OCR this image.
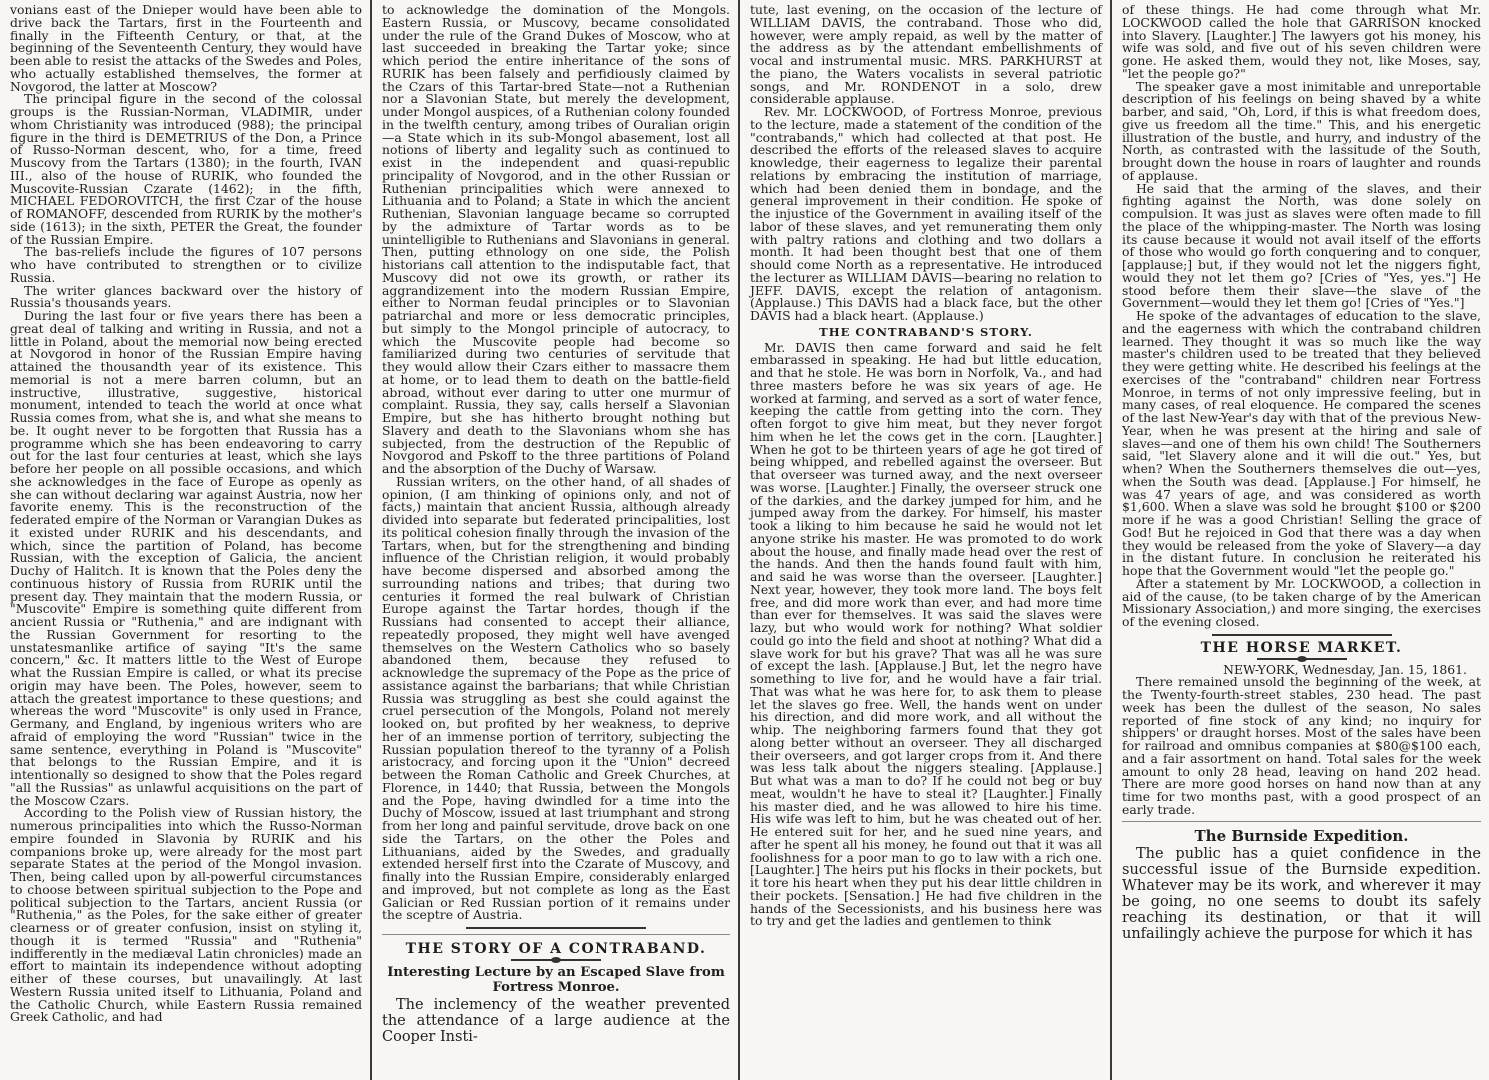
vonians east of the Dnieper would have been able to drive back the Tartars, first in the Fourteenth and finally in the Fifteenth Century, or that, at the beginning of the Seventeenth Century, they would have been able to resist the attacks of the Swedes and Poles, who actually established themselves, the former at Novgorod, the latter at Moscow?

The principal figure in the second of the colossal groups is the Russian-Norman, VLADIMIR, under whom Christianity was introduced (988); the principal figure in the third is DEMETRIUS of the Don, a Prince of Russo-Norman descent, who, for a time, freed Muscovy from the Tartars (1380); in the fourth, IVAN III., also of the house of RURIK, who founded the Muscovite-Russian Czarate (1462); in the fifth, MICHAEL FEDOROVITCH, the first Czar of the house of ROMANOFF, descended from RURIK by the mother's side (1613); in the sixth, PETER the Great, the founder of the Russian Empire.

The bas-reliefs include the figures of 107 persons who have contributed to strengthen or to civilize Russia.

The writer glances backward over the history of Russia's thousands years.

During the last four or five years there has been a great deal of talking and writing in Russia, and not a little in Poland, about the memorial now being erected at Novgorod in honor of the Russian Empire having attained the thousandth year of its existence. This memorial is not a mere barren column, but an instructive, illustrative, suggestive, historical monument, intended to teach the world at once what Russia comes from, what she is, and what she means to be. It ought never to be forgotten that Russia has a programme which she has been endeavoring to carry out for the last four centuries at least, which she lays before her people on all possible occasions, and which she acknowledges in the face of Europe as openly as she can without declaring war against Austria, now her favorite enemy. This is the reconstruction of the federated empire of the Norman or Varangian Dukes as it existed under RURIK and his descendants, and which, since the partition of Poland, has become Russian, with the exception of Galicia, the ancient Duchy of Halitch. It is known that the Poles deny the continuous history of Russia from RURIK until the present day. They maintain that the modern Russia, or "Muscovite" Empire is something quite different from ancient Russia or "Ruthenia," and are indignant with the Russian Government for resorting to the unstatesmanlike artifice of saying "It's the same concern," &c. It matters little to the West of Europe what the Russian Empire is called, or what its precise origin may have been. The Poles, however, seem to attach the greatest importance to these questions; and whereas the word "Muscovite" is only used in France, Germany, and England, by ingenious writers who are afraid of employing the word "Russian" twice in the same sentence, everything in Poland is "Muscovite" that belongs to the Russian Empire, and it is intentionally so designed to show that the Poles regard "all the Russias" as unlawful acquisitions on the part of the Moscow Czars.

According to the Polish view of Russian history, the numerous principalities into which the Russo-Norman empire founded in Slavonia by RURIK and his companions broke up, were already for the most part separate States at the period of the Mongol invasion. Then, being called upon by all-powerful circumstances to choose between spiritual subjection to the Pope and political subjection to the Tartars, ancient Russia (or "Ruthenia," as the Poles, for the sake either of greater clearness or of greater confusion, insist on styling it, though it is termed "Russia" and "Ruthenia" indifferently in the mediæval Latin chronicles) made an effort to maintain its independence without adopting either of these courses, but unavailingly. At last Western Russia united itself to Lithuania, Poland and the Catholic Church, while Eastern Russia remained Greek Catholic, and had

to acknowledge the domination of the Mongols. Eastern Russia, or Muscovy, became consolidated under the rule of the Grand Dukes of Moscow, who at last succeeded in breaking the Tartar yoke; since which period the entire inheritance of the sons of RURIK has been falsely and perfidiously claimed by the Czars of this Tartar-bred State—not a Ruthenian nor a Slavonian State, but merely the development, under Mongol auspices, of a Ruthenian colony founded in the twelfth century, among tribes of Ouralian origin—a State which in its sub-Mongol abasement, lost all notions of liberty and legality such as continued to exist in the independent and quasi-republic principality of Novgorod, and in the other Russian or Ruthenian principalities which were annexed to Lithuania and to Poland; a State in which the ancient Ruthenian, Slavonian language became so corrupted by the admixture of Tartar words as to be unintelligible to Ruthenians and Slavonians in general. Then, putting ethnology on one side, the Polish historians call attention to the indisputable fact, that Muscovy did not owe its growth, or rather its aggrandizement into the modern Russian Empire, either to Norman feudal principles or to Slavonian patriarchal and more or less democratic principles, but simply to the Mongol principle of autocracy, to which the Muscovite people had become so familiarized during two centuries of servitude that they would allow their Czars either to massacre them at home, or to lead them to death on the battle-field abroad, without ever daring to utter one murmur of complaint. Russia, they say, calls herself a Slavonian Empire, but she has hitherto brought nothing but Slavery and death to the Slavonians whom she has subjected, from the destruction of the Republic of Novgorod and Pskoff to the three partitions of Poland and the absorption of the Duchy of Warsaw.

Russian writers, on the other hand, of all shades of opinion, (I am thinking of opinions only, and not of facts,) maintain that ancient Russia, although already divided into separate but federated principalities, lost its political cohesion finally through the invasion of the Tartars, when, but for the strengthening and binding influence of the Christian religion, it would probably have become dispersed and absorbed among the surrounding nations and tribes; that during two centuries it formed the real bulwark of Christian Europe against the Tartar hordes, though if the Russians had consented to accept their alliance, repeatedly proposed, they might well have avenged themselves on the Western Catholics who so basely abandoned them, because they refused to acknowledge the supremacy of the Pope as the price of assistance against the barbarians; that while Christian Russia was struggling as best she could against the cruel persecution of the Mongols, Poland not merely looked on, but profited by her weakness, to deprive her of an immense portion of territory, subjecting the Russian population thereof to the tyranny of a Polish aristocracy, and forcing upon it the "Union" decreed between the Roman Catholic and Greek Churches, at Florence, in 1440; that Russia, between the Mongols and the Pope, having dwindled for a time into the Duchy of Moscow, issued at last triumphant and strong from her long and painful servitude, drove back on one side the Tartars, on the other the Poles and Lithuanians, aided by the Swedes, and gradually extended herself first into the Czarate of Muscovy, and finally into the Russian Empire, considerably enlarged and improved, but not complete as long as the East Galician or Red Russian portion of it remains under the sceptre of Austria.

THE STORY OF A CONTRABAND.
Interesting Lecture by an Escaped Slave from Fortress Monroe.

The inclemency of the weather prevented the attendance of a large audience at the Cooper Insti-

tute, last evening, on the occasion of the lecture of WILLIAM DAVIS, the contraband. Those who did, however, were amply repaid, as well by the matter of the address as by the attendant embellishments of vocal and instrumental music. MRS. PARKHURST at the piano, the Waters vocalists in several patriotic songs, and Mr. RONDENOT in a solo, drew considerable applause.

Rev. Mr. LOCKWOOD, of Fortress Monroe, previous to the lecture, made a statement of the condition of the "contrabands," which had collected at that post. He described the efforts of the released slaves to acquire knowledge, their eagerness to legalize their parental relations by embracing the institution of marriage, which had been denied them in bondage, and the general improvement in their condition. He spoke of the injustice of the Government in availing itself of the labor of these slaves, and yet remunerating them only with paltry rations and clothing and two dollars a month. It had been thought best that one of them should come North as a representative. He introduced the lecturer as WILLIAM DAVIS—bearing no relation to JEFF. DAVIS, except the relation of antagonism. (Applause.) This DAVIS had a black face, but the other DAVIS had a black heart. (Applause.)

THE CONTRABAND'S STORY.

Mr. DAVIS then came forward and said he felt embarassed in speaking. He had but little education, and that he stole. He was born in Norfolk, Va., and had three masters before he was six years of age. He worked at farming, and served as a sort of water fence, keeping the cattle from getting into the corn. They often forgot to give him meat, but they never forgot him when he let the cows get in the corn. [Laughter.] When he got to be thirteen years of age he got tired of being whipped, and rebelled against the overseer. But that overseer was turned away, and the next overseer was worse. [Laughter.] Finally, the overseer struck one of the darkies, and the darkey jumped for him, and he jumped away from the darkey. For himself, his master took a liking to him because he said he would not let anyone strike his master. He was promoted to do work about the house, and finally made head over the rest of the hands. And then the hands found fault with him, and said he was worse than the overseer. [Laughter.] Next year, however, they took more land. The boys felt free, and did more work than ever, and had more time than ever for themselves. It was said the slaves were lazy, but who would work for nothing? What soldier could go into the field and shoot at nothing? What did a slave work for but his grave? That was all he was sure of except the lash. [Applause.] But, let the negro have something to live for, and he would have a fair trial. That was what he was here for, to ask them to please let the slaves go free. Well, the hands went on under his direction, and did more work, and all without the whip. The neighboring farmers found that they got along better without an overseer. They all discharged their overseers, and got larger crops from it. And there was less talk about the niggers stealing. [Applause.] But what was a man to do? If he could not beg or buy meat, wouldn't he have to steal it? [Laughter.] Finally his master died, and he was allowed to hire his time. His wife was left to him, but he was cheated out of her. He entered suit for her, and he sued nine years, and after he spent all his money, he found out that it was all foolishness for a poor man to go to law with a rich one. [Laughter.] The heirs put his flocks in their pockets, but it tore his heart when they put his dear little children in their pockets. [Sensation.] He had five children in the hands of the Secessionists, and his business here was to try and get the ladies and gentlemen to think

of these things. He had come through what Mr. LOCKWOOD called the hole that GARRISON knocked into Slavery. [Laughter.] The lawyers got his money, his wife was sold, and five out of his seven children were gone. He asked them, would they not, like Moses, say, "let the people go?"

The speaker gave a most inimitable and unreportable description of his feelings on being shaved by a white barber, and said, "Oh, Lord, if this is what freedom does, give us freedom all the time." This, and his energetic illustration of the bustle, and hurry, and industry of the North, as contrasted with the lassitude of the South, brought down the house in roars of laughter and rounds of applause.

He said that the arming of the slaves, and their fighting against the North, was done solely on compulsion. It was just as slaves were often made to fill the place of the whipping-master. The North was losing its cause because it would not avail itself of the efforts of those who would go forth conquering and to conquer, [applause;] but, if they would not let the niggers fight, would they not let them go? [Cries of "Yes, yes."] He stood before them their slave—the slave of the Government—would they let them go! [Cries of "Yes."]

He spoke of the advantages of education to the slave, and the eagerness with which the contraband children learned. They thought it was so much like the way master's children used to be treated that they believed they were getting white. He described his feelings at the exercises of the "contraband" children near Fortress Monroe, in terms of not only impressive feeling, but in many cases, of real eloquence. He compared the scenes of the last New-Year's day with that of the previous New-Year, when he was present at the hiring and sale of slaves—and one of them his own child! The Southerners said, "let Slavery alone and it will die out." Yes, but when? When the Southerners themselves die out—yes, when the South was dead. [Applause.] For himself, he was 47 years of age, and was considered as worth $1,600. When a slave was sold he brought $100 or $200 more if he was a good Christian! Selling the grace of God! But he rejoiced in God that there was a day when they would be released from the yoke of Slavery—a day in the distant future. In conclusion he reiterated his hope that the Government would "let the people go."

After a statement by Mr. LOCKWOOD, a collection in aid of the cause, (to be taken charge of by the American Missionary Association,) and more singing, the exercises of the evening closed.

THE HORSE MARKET.

NEW-YORK, Wednesday, Jan. 15, 1861.

There remained unsold the beginning of the week, at the Twenty-fourth-street stables, 230 head. The past week has been the dullest of the season, No sales reported of fine stock of any kind; no inquiry for shippers' or draught horses. Most of the sales have been for railroad and omnibus companies at $80@$100 each, and a fair assortment on hand. Total sales for the week amount to only 28 head, leaving on hand 202 head. There are more good horses on hand now than at any time for two months past, with a good prospect of an early trade.

The Burnside Expedition.

The public has a quiet confidence in the successful issue of the Burnside expedition. Whatever may be its work, and wherever it may be going, no one seems to doubt its safely reaching its destination, or that it will unfailingly achieve the purpose for which it has
